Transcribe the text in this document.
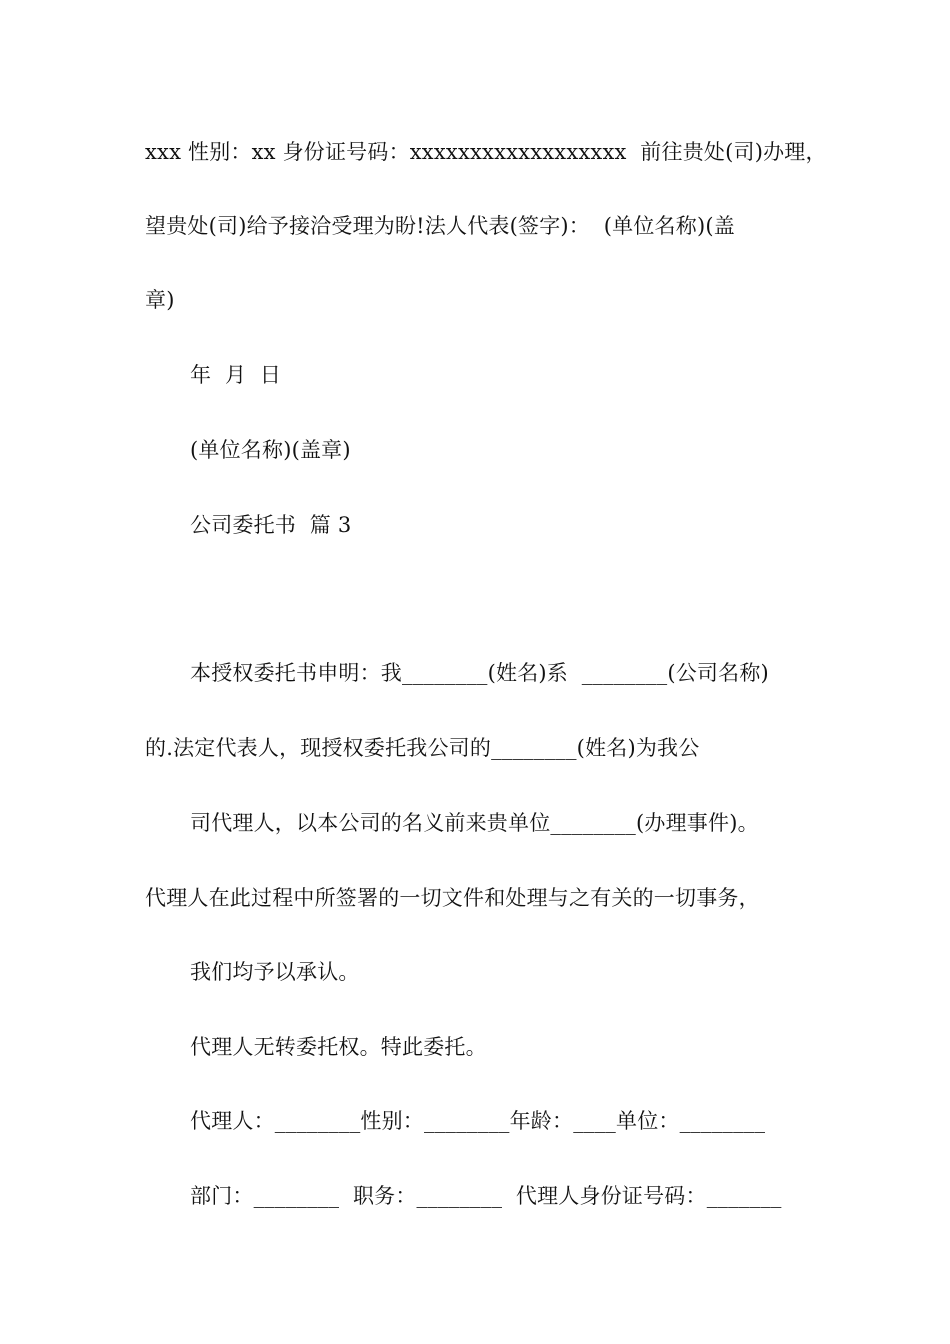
xxx 性别：xx 身份证号码：xxxxxxxxxxxxxxxxxx  前往贵处(司)办理，
望贵处(司)给予接洽受理为盼!法人代表(签字)：  (单位名称)(盖
章)
年  月  日
(单位名称)(盖章)
公司委托书  篇 3
本授权委托书申明：我________(姓名)系  ________(公司名称)
的.法定代表人，现授权委托我公司的________(姓名)为我公
司代理人，以本公司的名义前来贵单位________(办理事件)。
代理人在此过程中所签署的一切文件和处理与之有关的一切事务，
我们均予以承认。
代理人无转委托权。特此委托。
代理人：________性别：________年龄：____单位：________
部门：________  职务：________  代理人身份证号码：_______
